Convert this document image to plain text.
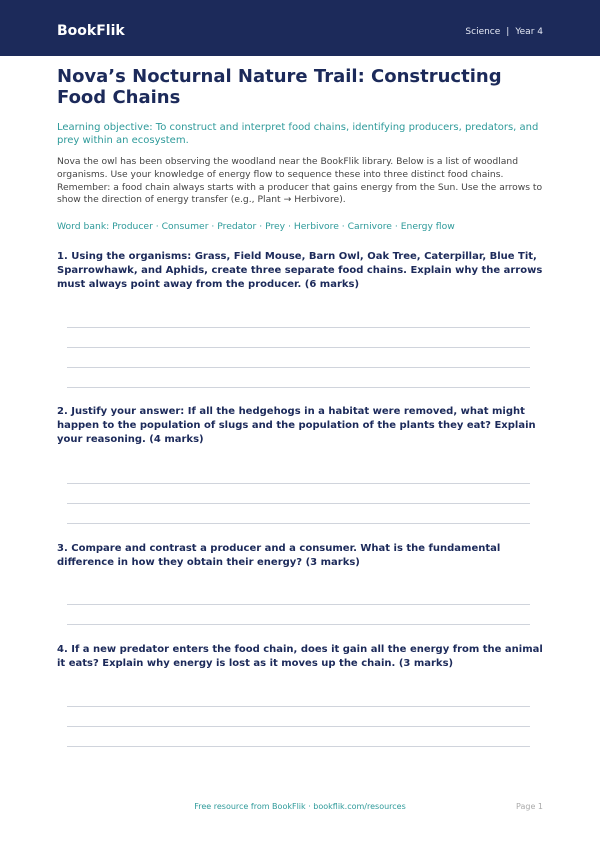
BookFlik	Science | Year 4
Nova’s Nocturnal Nature Trail: Constructing Food Chains

Learning objective: To construct and interpret food chains, identifying producers, predators, and prey within an ecosystem.

Nova the owl has been observing the woodland near the BookFlik library. Below is a list of woodland organisms. Use your knowledge of energy flow to sequence these into three distinct food chains. Remember: a food chain always starts with a producer that gains energy from the Sun. Use the arrows to show the direction of energy transfer (e.g., Plant → Herbivore).

Word bank: Producer · Consumer · Predator · Prey · Herbivore · Carnivore · Energy flow

1. Using the organisms: Grass, Field Mouse, Barn Owl, Oak Tree, Caterpillar, Blue Tit, Sparrowhawk, and Aphids, create three separate food chains. Explain why the arrows must always point away from the producer. (6 marks)

2. Justify your answer: If all the hedgehogs in a habitat were removed, what might happen to the population of slugs and the population of the plants they eat? Explain your reasoning. (4 marks)

3. Compare and contrast a producer and a consumer. What is the fundamental difference in how they obtain their energy? (3 marks)

4. If a new predator enters the food chain, does it gain all the energy from the animal it eats? Explain why energy is lost as it moves up the chain. (3 marks)

Free resource from BookFlik · bookflik.com/resources	Page 1
